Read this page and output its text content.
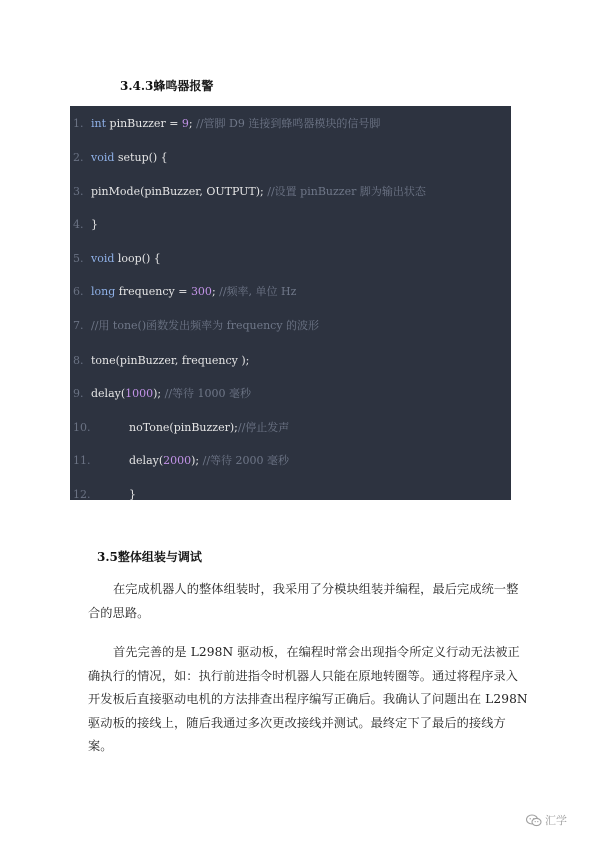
3.4.3蜂鸣器报警
1. int pinBuzzer = 9; //管脚 D9 连接到蜂鸣器模块的信号脚
2. void setup() {
3. pinMode(pinBuzzer, OUTPUT); //设置 pinBuzzer 脚为输出状态
4. }
5. void loop() {
6. long frequency = 300; //频率, 单位 Hz
7. //用 tone()函数发出频率为 frequency 的波形
8. tone(pinBuzzer, frequency );
9. delay(1000); //等待 1000 毫秒
10.	noTone(pinBuzzer);//停止发声
11.	delay(2000); //等待 2000 毫秒
12.	}
3.5整体组装与调试

在完成机器人的整体组装时，我采用了分模块组装并编程，最后完成统一整合的思路。

首先完善的是 L298N 驱动板，在编程时常会出现指令所定义行动无法被正确执行的情况，如：执行前进指令时机器人只能在原地转圈等。通过将程序录入开发板后直接驱动电机的方法排查出程序编写正确后。我确认了问题出在 L298N 驱动板的接线上，随后我通过多次更改接线并测试。最终定下了最后的接线方案。

汇学
